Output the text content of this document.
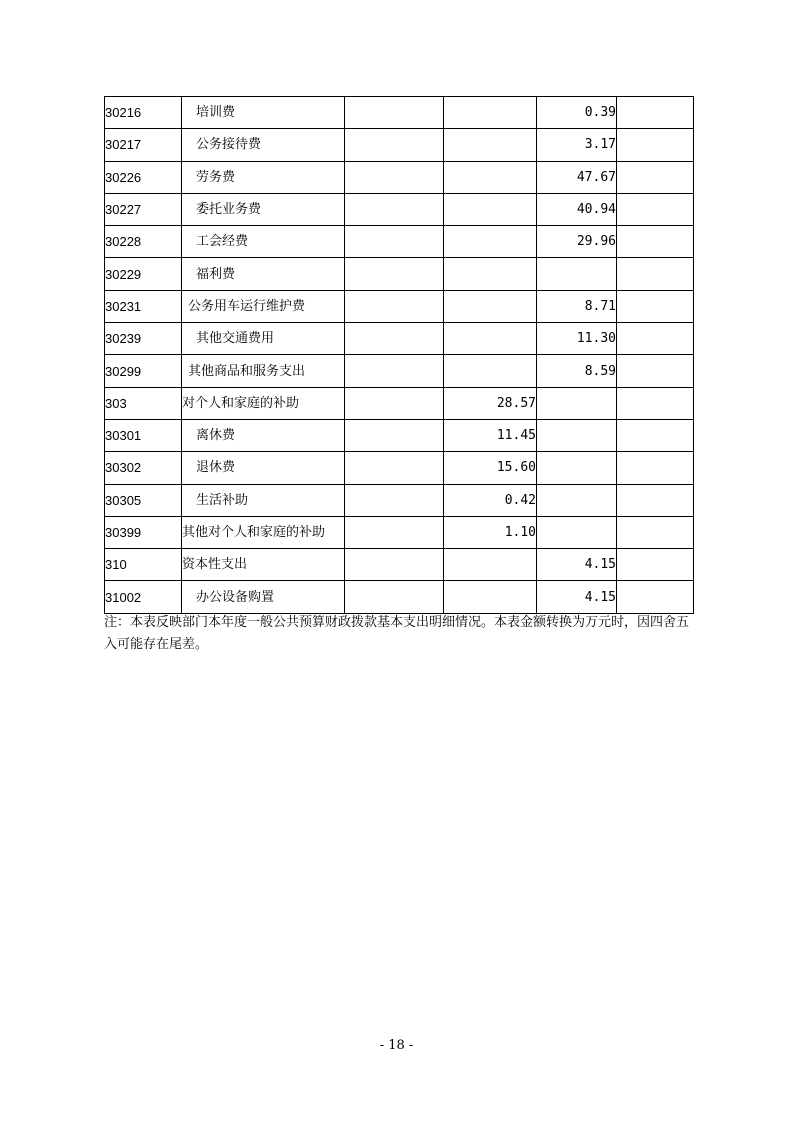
30216	培训费			0.39	
30217	公务接待费			3.17	
30226	劳务费			47.67	
30227	委托业务费			40.94	
30228	工会经费			29.96	
30229	福利费				
30231	公务用车运行维护费			8.71	
30239	其他交通费用			11.30	
30299	其他商品和服务支出			8.59	
303	对个人和家庭的补助		28.57		
30301	离休费		11.45		
30302	退休费		15.60		
30305	生活补助		0.42		
30399	其他对个人和家庭的补助		1.10		
310	资本性支出			4.15	
31002	办公设备购置			4.15	
注：本表反映部门本年度一般公共预算财政拨款基本支出明细情况。本表金额转换为万元时，因四舍五入可能存在尾差。
- 18 -
